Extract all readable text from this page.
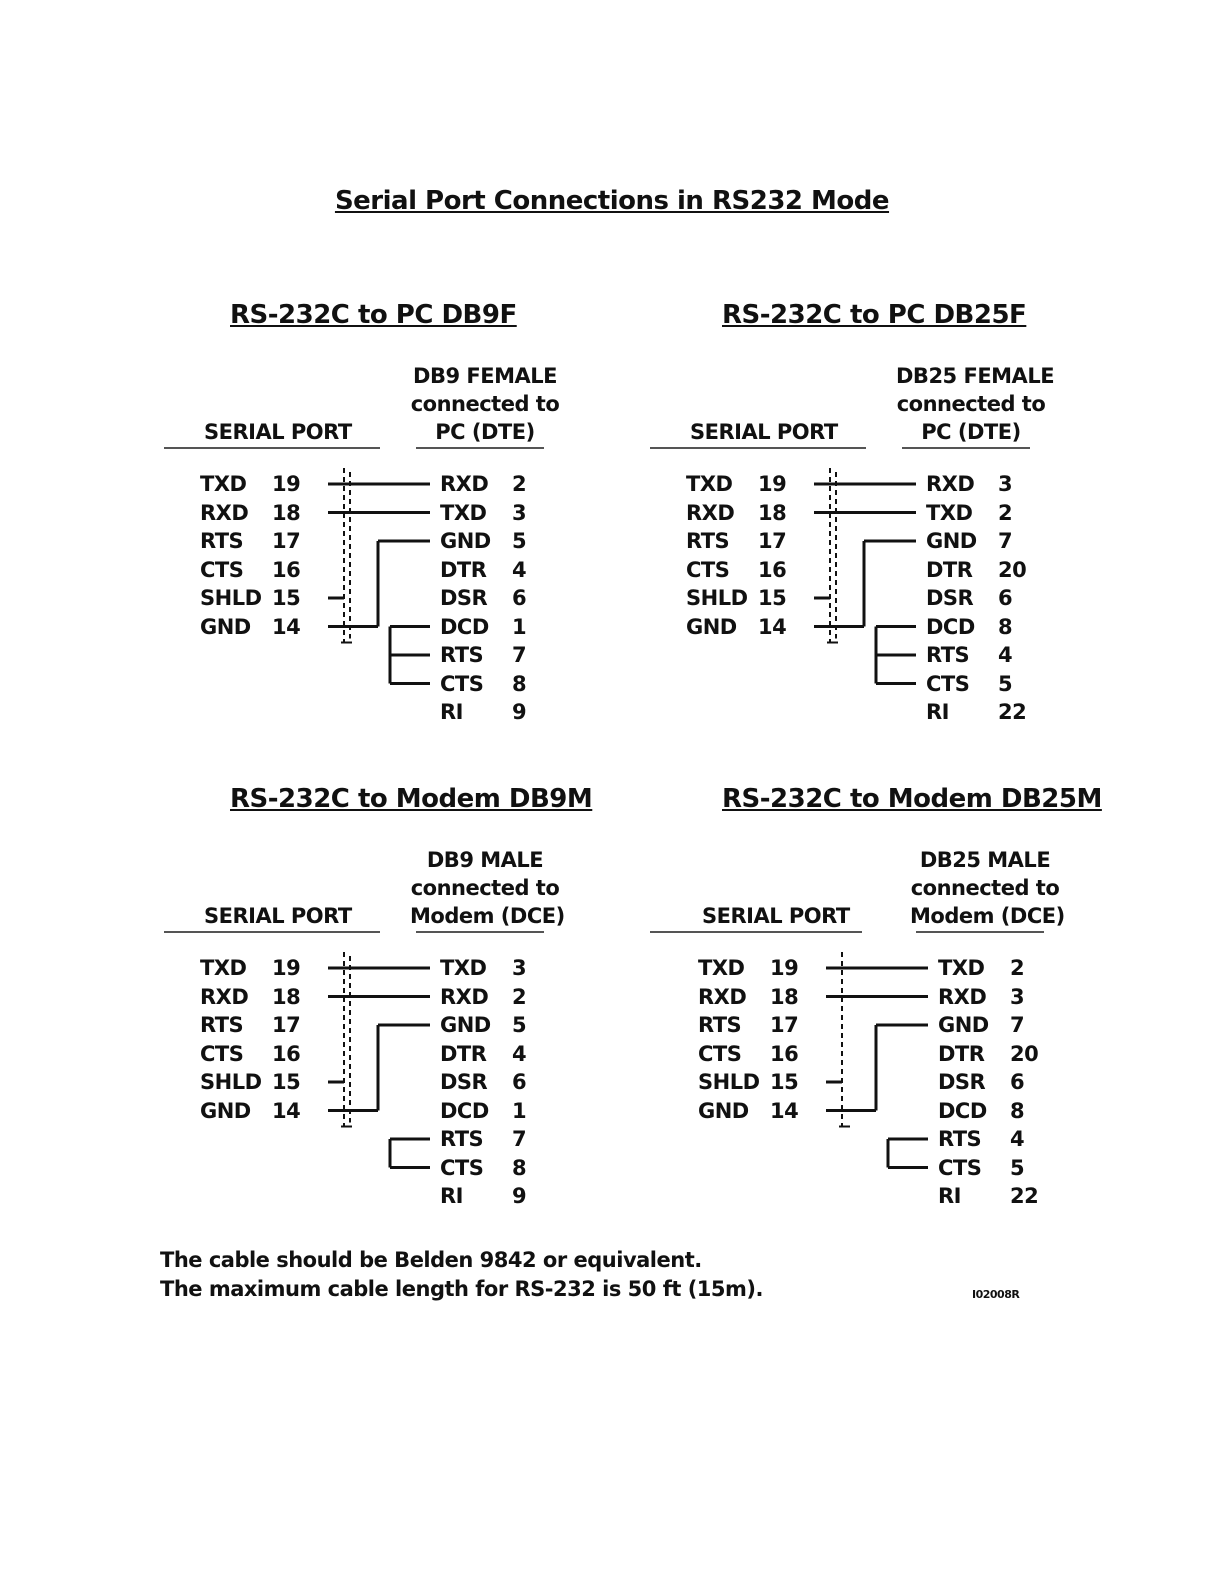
Serial Port Connections in RS232 Mode
RS-232C to PC DB9F
DB9 FEMALE
connected to
PC (DTE)
SERIAL PORT
TXD 19
RXD 18
RTS 17
CTS 16
SHLD 15
GND 14
RXD 2
TXD 3
GND 5
DTR 4
DSR 6
DCD 1
RTS 7
CTS 8
RI 9
RS-232C to PC DB25F
DB25 FEMALE
connected to
PC (DTE)
SERIAL PORT
TXD 19
RXD 18
RTS 17
CTS 16
SHLD 15
GND 14
RXD 3
TXD 2
GND 7
DTR 20
DSR 6
DCD 8
RTS 4
CTS 5
RI 22
RS-232C to Modem DB9M
DB9 MALE
connected to
Modem (DCE)
SERIAL PORT
TXD 19
RXD 18
RTS 17
CTS 16
SHLD 15
GND 14
TXD 3
RXD 2
GND 5
DTR 4
DSR 6
DCD 1
RTS 7
CTS 8
RI 9
RS-232C to Modem DB25M
DB25 MALE
connected to
Modem (DCE)
SERIAL PORT
TXD 19
RXD 18
RTS 17
CTS 16
SHLD 15
GND 14
TXD 2
RXD 3
GND 7
DTR 20
DSR 6
DCD 8
RTS 4
CTS 5
RI 22
The cable should be Belden 9842 or equivalent.
The maximum cable length for RS-232 is 50 ft (15m).	I02008R
